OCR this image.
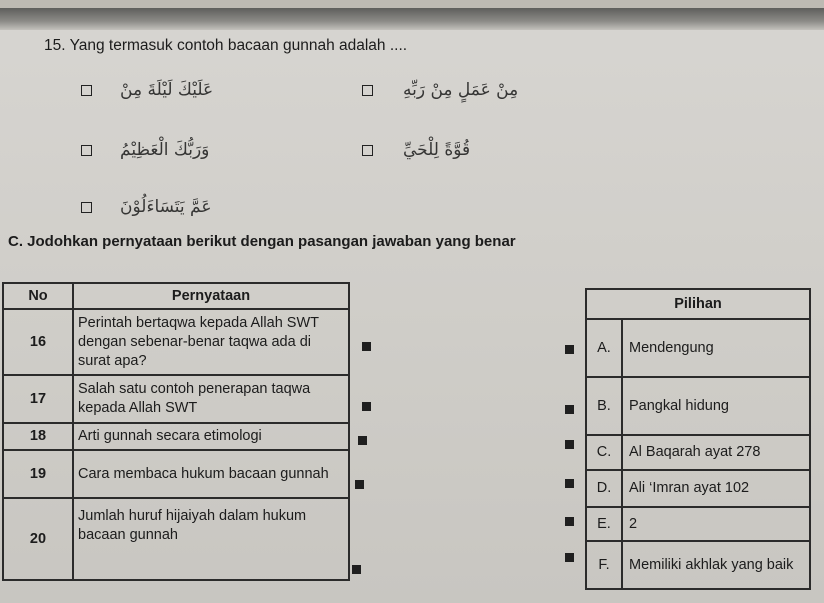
15. Yang termasuk contoh bacaan gunnah adalah ....
عَلَيْكَ لَيْلَةَ مِنْ	مِنْ عَمَلٍ مِنْ رَبِّهِ
وَرَبُّكَ الْعَظِيْمُ	قُوَّةً لِلْحَيِّ
عَمَّ يَتَسَاءَلُوْنَ
C. Jodohkan pernyataan berikut dengan pasangan jawaban yang benar
No	Pernyataan
16	Perintah bertaqwa kepada Allah SWT dengan sebenar-benar taqwa ada di surat apa?
17	Salah satu contoh penerapan taqwa kepada Allah SWT
18	Arti gunnah secara etimologi
19	Cara membaca hukum bacaan gunnah
20	Jumlah huruf hijaiyah dalam hukum bacaan gunnah
Pilihan	
A.	Mendengung
B.	Pangkal hidung
C.	Al Baqarah ayat 278
D.	Ali ‘Imran ayat 102
E.	2
F.	Memiliki akhlak yang baik
